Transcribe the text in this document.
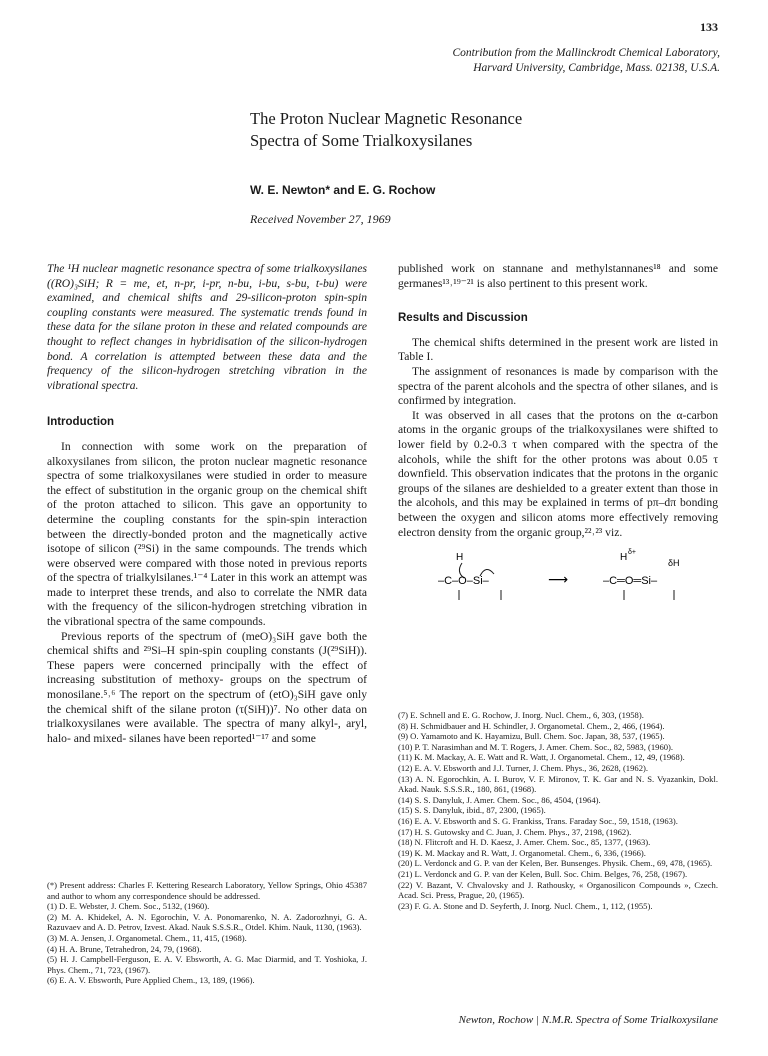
133
Contribution from the Mallinckrodt Chemical Laboratory,
Harvard University, Cambridge, Mass. 02138, U.S.A.
The Proton Nuclear Magnetic Resonance
Spectra of Some Trialkoxysilanes
W. E. Newton* and E. G. Rochow
Received November 27, 1969

The ¹H nuclear magnetic resonance spectra of some trialkoxysilanes ((RO)₃SiH; R = me, et, n-pr, i-pr, n-bu, i-bu, s-bu, t-bu) were examined, and chemical shifts and 29-silicon-proton spin-spin coupling constants were measured. The systematic trends found in these data for the silane proton in these and related compounds are thought to reflect changes in hybridisation of the silicon-hydrogen bond. A correlation is attempted between these data and the frequency of the silicon-hydrogen stretching vibration in the vibrational spectra.

Introduction

In connection with some work on the preparation of alkoxysilanes from silicon, the proton nuclear magnetic resonance spectra of some trialkoxysilanes were studied in order to measure the effect of substitution in the organic group on the chemical shift of the proton attached to silicon. This gave an opportunity to determine the coupling constants for the spin-spin interaction between the directly-bonded proton and the magnetically active isotope of silicon (²⁹Si) in the same compounds. The trends which were observed were compared with those noted in previous reports of the spectra of trialkylsilanes.¹⁻⁴ Later in this work an attempt was made to interpret these trends, and also to correlate the NMR data with the frequency of the silicon-hydrogen stretching vibration in the vibrational spectra of the same compounds.

Previous reports of the spectrum of (meO)₃SiH gave both the chemical shifts and ²⁹Si–H spin-spin coupling constants (J(²⁹SiH)). These papers were concerned principally with the effect of increasing substitution of methoxy- groups on the spectrum of monosilane.⁵˒⁶ The report on the spectrum of (etO)₃SiH gave only the chemical shift of the silane proton (τ(SiH))⁷. No other data on trialkoxysilanes were available. The spectra of many alkyl-, aryl, halo- and mixed- silanes have been reported¹⁻¹⁷ and some

published work on stannane and methylstannanes¹⁸ and some germanes¹³˒¹⁹⁻²¹ is also pertinent to this present work.

Results and Discussion

The chemical shifts determined in the present work are listed in Table I.

The assignment of resonances is made by comparison with the spectra of the parent alcohols and the spectra of other silanes, and is confirmed by integration.

It was observed in all cases that the protons on the α-carbon atoms in the organic groups of the trialkoxysilanes were shifted to lower field by 0.2-0.3 τ when compared with the spectra of the alcohols, while the shift for the other protons was about 0.05 τ downfield. This observation indicates that the protons in the organic groups of the silanes are deshielded to a greater extent than those in the alcohols, and this may be explained in terms of pπ–dπ bonding between the oxygen and silicon atoms more effectively removing electron density from the organic group,²²˒²³ viz.

H
–C–O–Si–	⟶
H δ+
δH
–C═O═Si–
(*) Present address: Charles F. Kettering Research Laboratory, Yellow Springs, Ohio 45387 and author to whom any correspondence should be addressed.
(1) D. E. Webster, J. Chem. Soc., 5132, (1960).
(2) M. A. Khidekel, A. N. Egorochin, V. A. Ponomarenko, N. A. Zadorozhnyi, G. A. Razuvaev and A. D. Petrov, Izvest. Akad. Nauk S.S.S.R., Otdel. Khim. Nauk, 1130, (1963).
(3) M. A. Jensen, J. Organometal. Chem., 11, 415, (1968).
(4) H. A. Brune, Tetrahedron, 24, 79, (1968).
(5) H. J. Campbell-Ferguson, E. A. V. Ebsworth, A. G. Mac Diarmid, and T. Yoshioka, J. Phys. Chem., 71, 723, (1967).
(6) E. A. V. Ebsworth, Pure Applied Chem., 13, 189, (1966).
(7) E. Schnell and E. G. Rochow, J. Inorg. Nucl. Chem., 6, 303, (1958).
(8) H. Schmidbauer and H. Schindler, J. Organometal. Chem., 2, 466, (1964).
(9) O. Yamamoto and K. Hayamizu, Bull. Chem. Soc. Japan, 38, 537, (1965).
(10) P. T. Narasimhan and M. T. Rogers, J. Amer. Chem. Soc., 82, 5983, (1960).
(11) K. M. Mackay, A. E. Watt and R. Watt, J. Organometal. Chem., 12, 49, (1968).
(12) E. A. V. Ebsworth and J.J. Turner, J. Chem. Phys., 36, 2628, (1962).
(13) A. N. Egorochkin, A. I. Burov, V. F. Mironov, T. K. Gar and N. S. Vyazankin, Dokl. Akad. Nauk. S.S.S.R., 180, 861, (1968).
(14) S. S. Danyluk, J. Amer. Chem. Soc., 86, 4504, (1964).
(15) S. S. Danyluk, ibid., 87, 2300, (1965).
(16) E. A. V. Ebsworth and S. G. Frankiss, Trans. Faraday Soc., 59, 1518, (1963).
(17) H. S. Gutowsky and C. Juan, J. Chem. Phys., 37, 2198, (1962).
(18) N. Flitcroft and H. D. Kaesz, J. Amer. Chem. Soc., 85, 1377, (1963).
(19) K. M. Mackay and R. Watt, J. Organometal. Chem., 6, 336, (1966).
(20) L. Verdonck and G. P. van der Kelen, Ber. Bunsenges. Physik. Chem., 69, 478, (1965).
(21) L. Verdonck and G. P. van der Kelen, Bull. Soc. Chim. Belges, 76, 258, (1967).
(22) V. Bazant, V. Chvalovsky and J. Rathousky, « Organosilicon Compounds », Czech. Acad. Sci. Press, Prague, 20, (1965).
(23) F. G. A. Stone and D. Seyferth, J. Inorg. Nucl. Chem., 1, 112, (1955).
Newton, Rochow | N.M.R. Spectra of Some Trialkoxysilane
